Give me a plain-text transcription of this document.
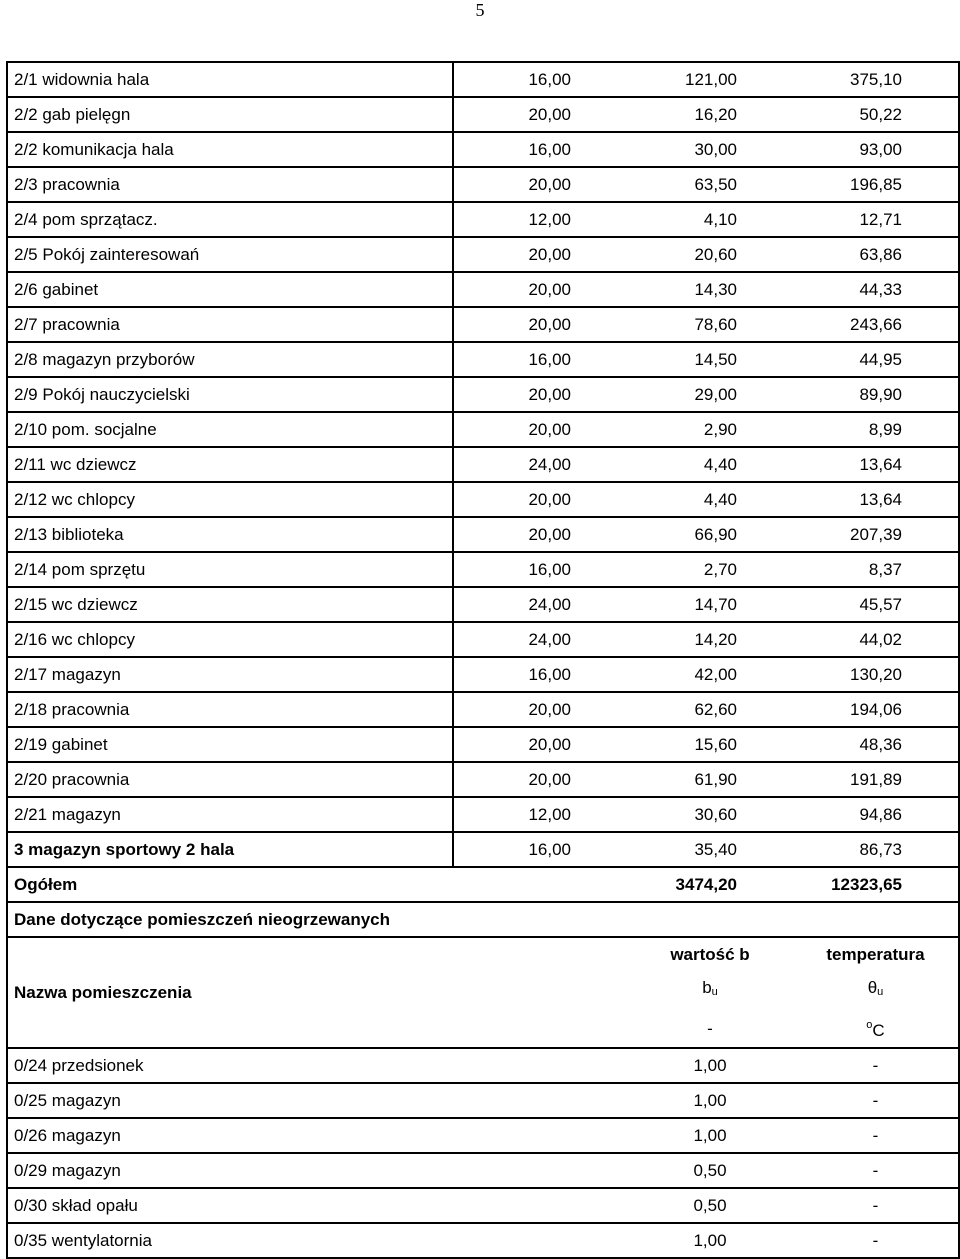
5
2/1 widownia hala	16,00	121,00	375,10
2/2 gab pielęgn	20,00	16,20	50,22
2/2 komunikacja hala	16,00	30,00	93,00
2/3 pracownia	20,00	63,50	196,85
2/4 pom sprzątacz.	12,00	4,10	12,71
2/5 Pokój zainteresowań	20,00	20,60	63,86
2/6 gabinet	20,00	14,30	44,33
2/7 pracownia	20,00	78,60	243,66
2/8 magazyn przyborów	16,00	14,50	44,95
2/9 Pokój nauczycielski	20,00	29,00	89,90
2/10 pom. socjalne	20,00	2,90	8,99
2/11 wc dziewcz	24,00	4,40	13,64
2/12 wc chlopcy	20,00	4,40	13,64
2/13 biblioteka	20,00	66,90	207,39
2/14 pom sprzętu	16,00	2,70	8,37
2/15 wc dziewcz	24,00	14,70	45,57
2/16 wc chlopcy	24,00	14,20	44,02
2/17 magazyn	16,00	42,00	130,20
2/18 pracownia	20,00	62,60	194,06
2/19 gabinet	20,00	15,60	48,36
2/20 pracownia	20,00	61,90	191,89
2/21 magazyn	12,00	30,60	94,86
3 magazyn sportowy 2 hala	16,00	35,40	86,73
Ogółem		3474,20	12323,65
Dane dotyczące pomieszczeń nieogrzewanych			
Nazwa pomieszczenia		wartość b	temperatura
		bu	θu
		-	$^o$C
0/24 przedsionek		1,00	-
0/25 magazyn		1,00	-
0/26 magazyn		1,00	-
0/29 magazyn		0,50	-
0/30 skład opału		0,50	-
0/35 wentylatornia		1,00	-
